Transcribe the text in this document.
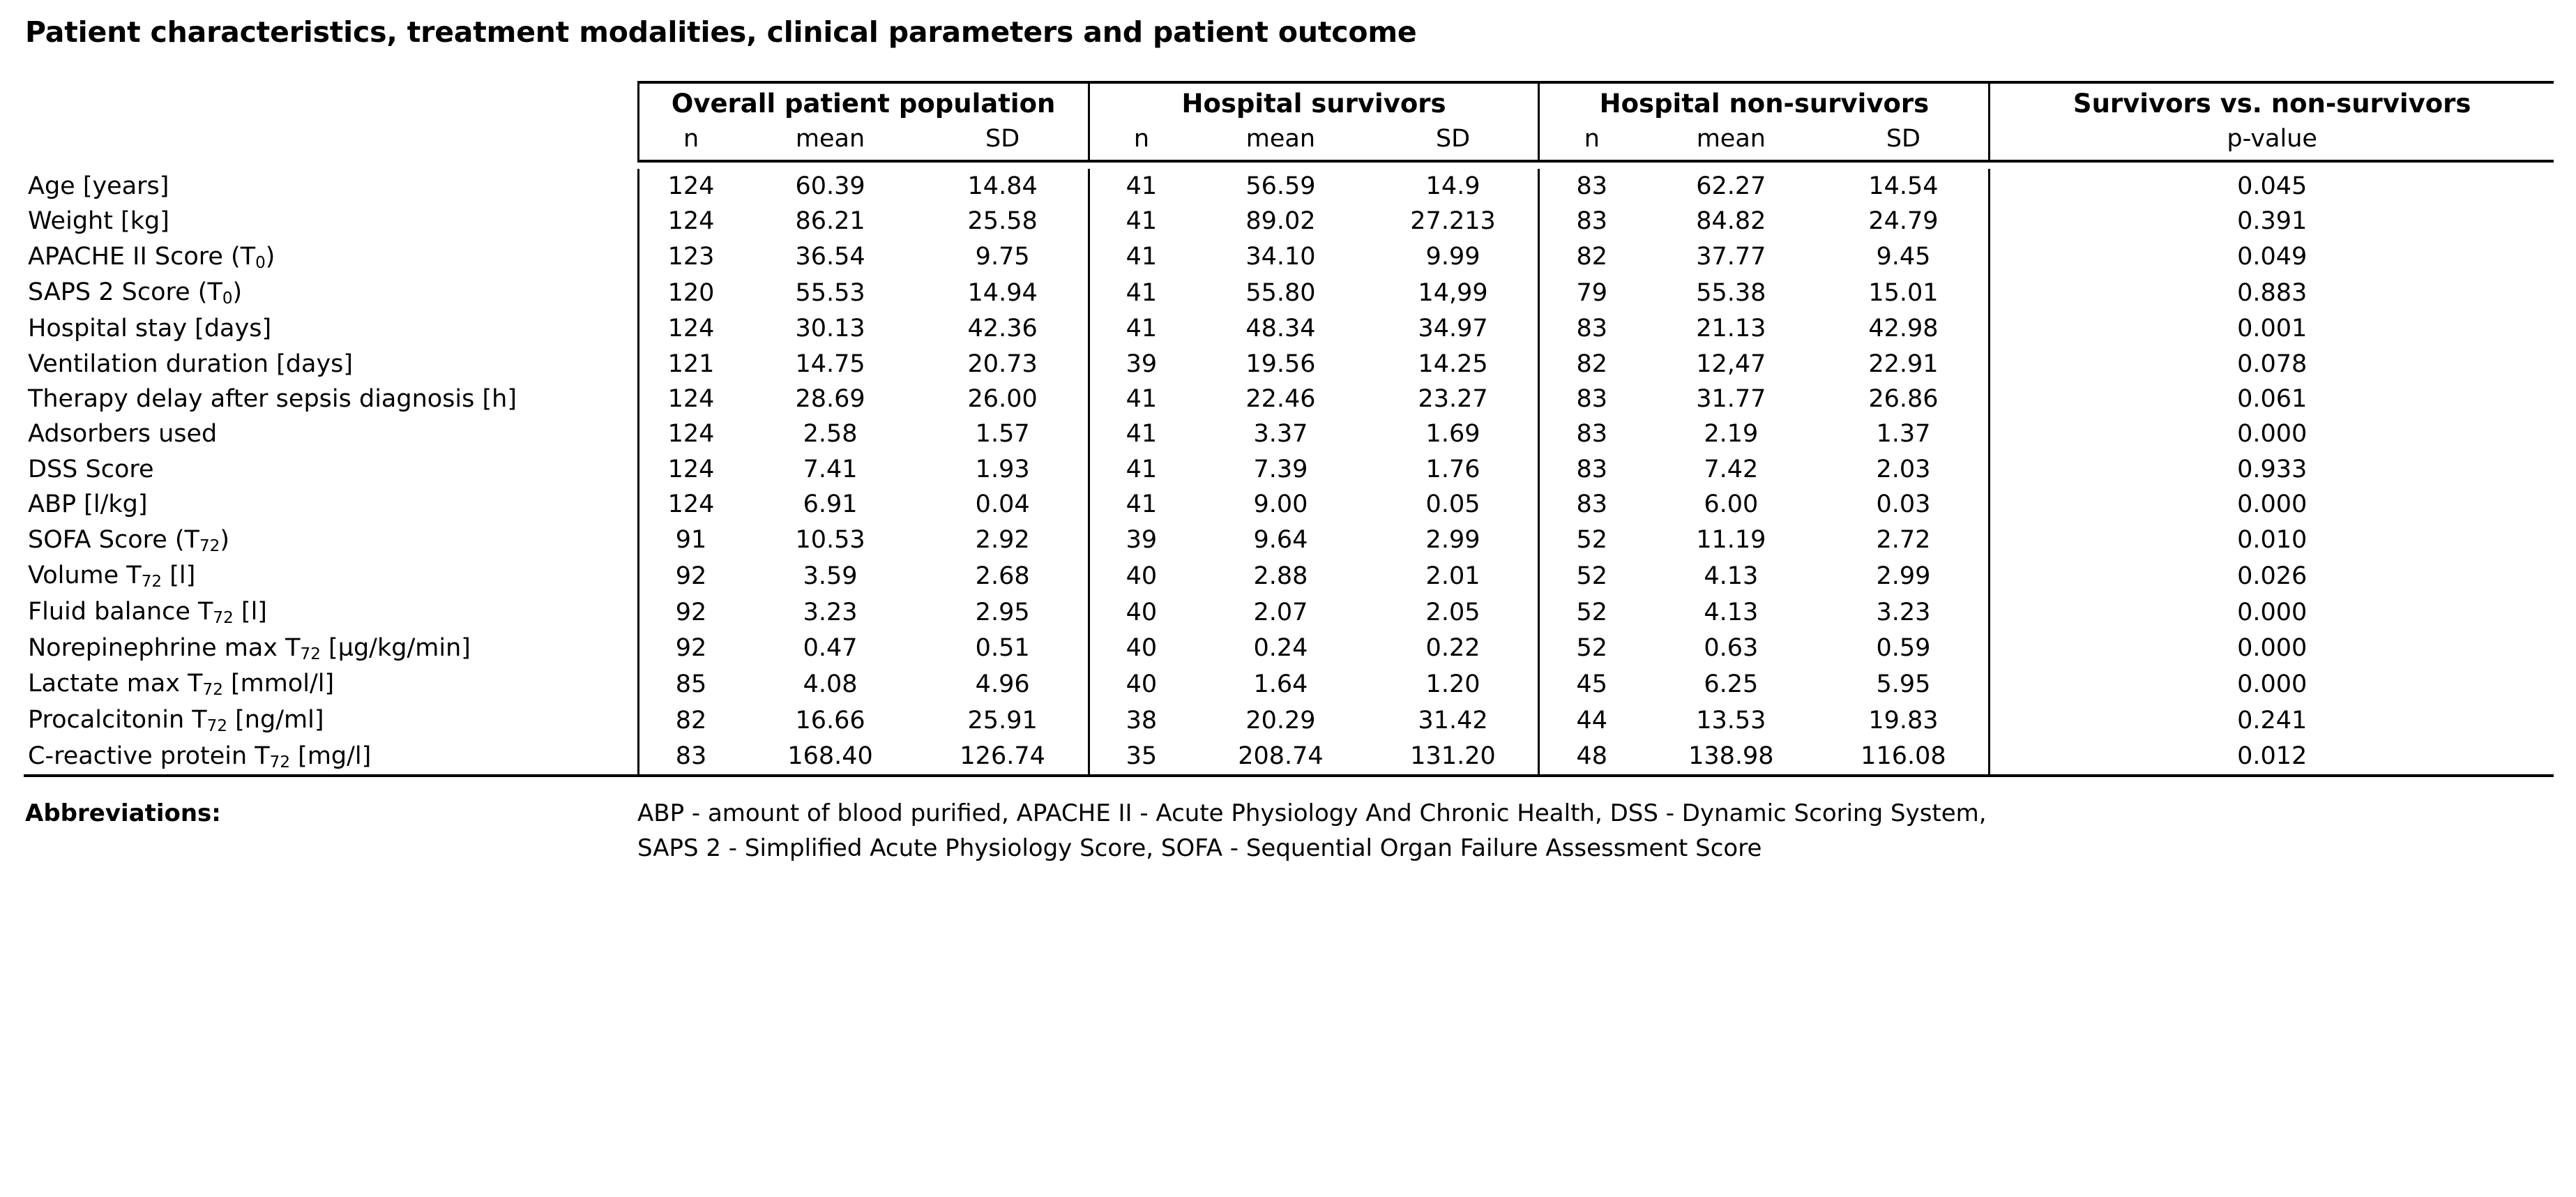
Patient characteristics, treatment modalities, clinical parameters and patient outcome
	Overall patient population			Hospital survivors			Hospital non-survivors			Survivors vs. non-survivors
	n	mean	SD	n	mean	SD	n	mean	SD	p-value

Age [years]	124	60.39	14.84	41	56.59	14.9	83	62.27	14.54	0.045
Weight [kg]	124	86.21	25.58	41	89.02	27.213	83	84.82	24.79	0.391
APACHE II Score $(T_0)$	123	36.54	9.75	41	34.10	9.99	82	37.77	9.45	0.049
SAPS 2 Score $(T_0)$	120	55.53	14.94	41	55.80	14,99	79	55.38	15.01	0.883
Hospital stay [days]	124	30.13	42.36	41	48.34	34.97	83	21.13	42.98	0.001
Ventilation duration [days]	121	14.75	20.73	39	19.56	14.25	82	12,47	22.91	0.078
Therapy delay after sepsis diagnosis [h]	124	28.69	26.00	41	22.46	23.27	83	31.77	26.86	0.061
Adsorbers used	124	2.58	1.57	41	3.37	1.69	83	2.19	1.37	0.000
DSS Score	124	7.41	1.93	41	7.39	1.76	83	7.42	2.03	0.933
ABP [l/kg]	124	6.91	0.04	41	9.00	0.05	83	6.00	0.03	0.000
SOFA Score $(T_{72})$	91	10.53	2.92	39	9.64	2.99	52	11.19	2.72	0.010
Volume $T_{72}$ [l]	92	3.59	2.68	40	2.88	2.01	52	4.13	2.99	0.026
Fluid balance $T_{72}$ [l]	92	3.23	2.95	40	2.07	2.05	52	4.13	3.23	0.000
Norepinephrine $\max T_{72}$ [µg/kg/min]	92	0.47	0.51	40	0.24	0.22	52	0.63	0.59	0.000
Lactate $\max T_{72}$ [mmol/l]	85	4.08	4.96	40	1.64	1.20	45	6.25	5.95	0.000
Procalcitonin $T_{72}$ [ng/ml]	82	16.66	25.91	38	20.29	31.42	44	13.53	19.83	0.241
C-reactive protein $T_{72}$ [mg/l]	83	168.40	126.74	35	208.74	131.20	48	138.98	116.08	0.012
Abbreviations:	ABP - amount of blood purified, APACHE II - Acute Physiology And Chronic Health, DSS - Dynamic Scoring System,
SAPS 2 - Simplified Acute Physiology Score, SOFA - Sequential Organ Failure Assessment Score
